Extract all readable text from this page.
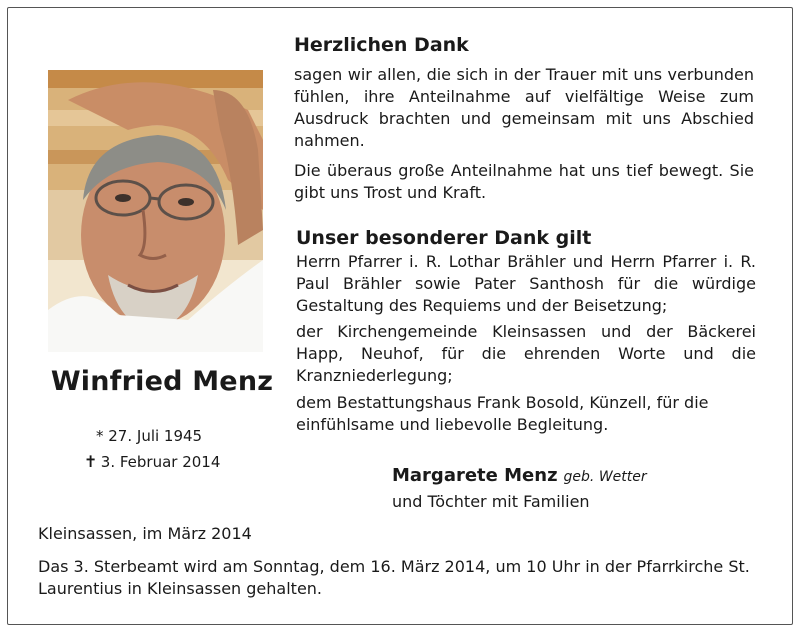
Winfried Menz
* 27. Juli 1945
✝ 3. Februar 2014
Herzlichen Dank
sagen wir allen, die sich in der Trauer mit uns verbunden fühlen, ihre Anteilnahme auf vielfältige Weise zum Ausdruck brachten und gemeinsam mit uns Abschied nahmen.
Die überaus große Anteilnahme hat uns tief bewegt. Sie gibt uns Trost und Kraft.
Unser besonderer Dank gilt
Herrn Pfarrer i. R. Lothar Brähler und Herrn Pfarrer i. R. Paul Brähler sowie Pater Santhosh für die würdige Gestaltung des Requiems und der Beisetzung;
der Kirchengemeinde Kleinsassen und der Bäckerei Happ, Neuhof, für die ehrenden Worte und die Kranzniederlegung;
dem Bestattungshaus Frank Bosold, Künzell, für die einfühlsame und liebevolle Begleitung.
Margarete Menz geb. Wetter
und Töchter mit Familien
Kleinsassen, im März 2014
Das 3. Sterbeamt wird am Sonntag, dem 16. März 2014, um 10 Uhr in der Pfarrkirche St. Laurentius in Kleinsassen gehalten.
